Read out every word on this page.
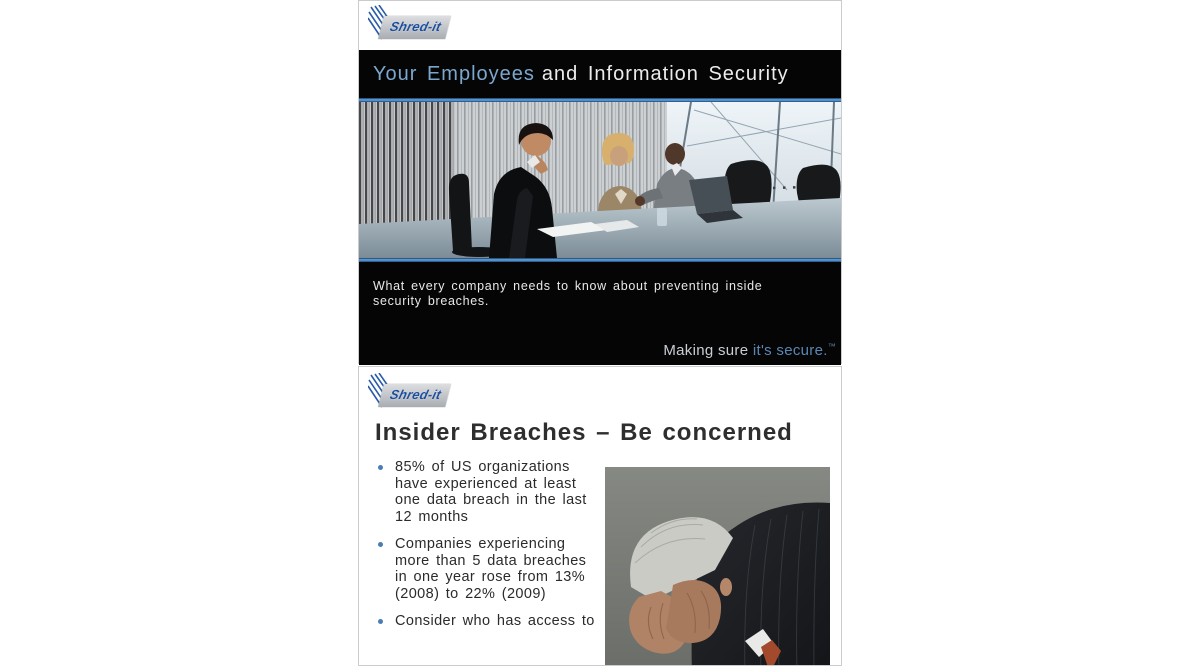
Shred-it
Your Employees and Information Security
What every company needs to know about preventing inside security breaches.
Making sure it's secure.™
Shred-it
Insider Breaches – Be concerned
85% of US organizations have experienced at least one data breach in the last 12 months
Companies experiencing more than 5 data breaches in one year rose from 13% (2008) to 22% (2009)
Consider who has access to
